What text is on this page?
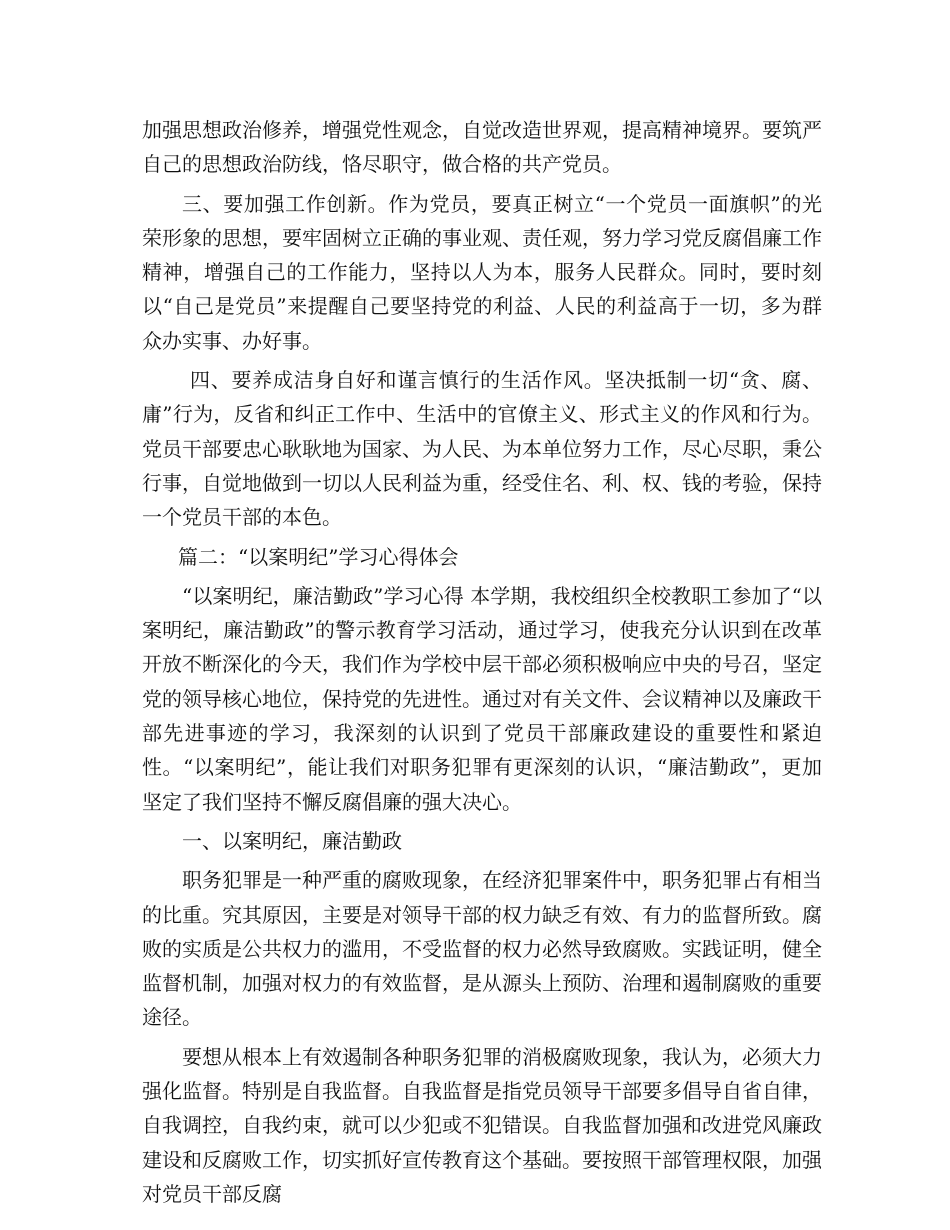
加强思想政治修养，增强党性观念，自觉改造世界观，提高精神境界。要筑严自己的思想政治防线，恪尽职守，做合格的共产党员。

三、要加强工作创新。作为党员，要真正树立“一个党员一面旗帜”的光荣形象的思想，要牢固树立正确的事业观、责任观，努力学习党反腐倡廉工作精神，增强自己的工作能力，坚持以人为本，服务人民群众。同时，要时刻以“自己是党员”来提醒自己要坚持党的利益、人民的利益高于一切，多为群众办实事、办好事。

四、要养成洁身自好和谨言慎行的生活作风。坚决抵制一切“贪、腐、庸”行为，反省和纠正工作中、生活中的官僚主义、形式主义的作风和行为。党员干部要忠心耿耿地为国家、为人民、为本单位努力工作，尽心尽职，秉公行事，自觉地做到一切以人民利益为重，经受住名、利、权、钱的考验，保持一个党员干部的本色。

篇二：“以案明纪”学习心得体会

“以案明纪，廉洁勤政”学习心得 本学期，我校组织全校教职工参加了“以案明纪，廉洁勤政”的警示教育学习活动，通过学习，使我充分认识到在改革开放不断深化的今天，我们作为学校中层干部必须积极响应中央的号召，坚定党的领导核心地位，保持党的先进性。通过对有关文件、会议精神以及廉政干部先进事迹的学习，我深刻的认识到了党员干部廉政建设的重要性和紧迫性。“以案明纪”，能让我们对职务犯罪有更深刻的认识，“廉洁勤政”，更加坚定了我们坚持不懈反腐倡廉的强大决心。

一、以案明纪，廉洁勤政

职务犯罪是一种严重的腐败现象，在经济犯罪案件中，职务犯罪占有相当的比重。究其原因，主要是对领导干部的权力缺乏有效、有力的监督所致。腐败的实质是公共权力的滥用，不受监督的权力必然导致腐败。实践证明，健全监督机制，加强对权力的有效监督，是从源头上预防、治理和遏制腐败的重要途径。

要想从根本上有效遏制各种职务犯罪的消极腐败现象，我认为，必须大力强化监督。特别是自我监督。自我监督是指党员领导干部要多倡导自省自律，自我调控，自我约束，就可以少犯或不犯错误。自我监督加强和改进党风廉政建设和反腐败工作，切实抓好宣传教育这个基础。要按照干部管理权限，加强对党员干部反腐
